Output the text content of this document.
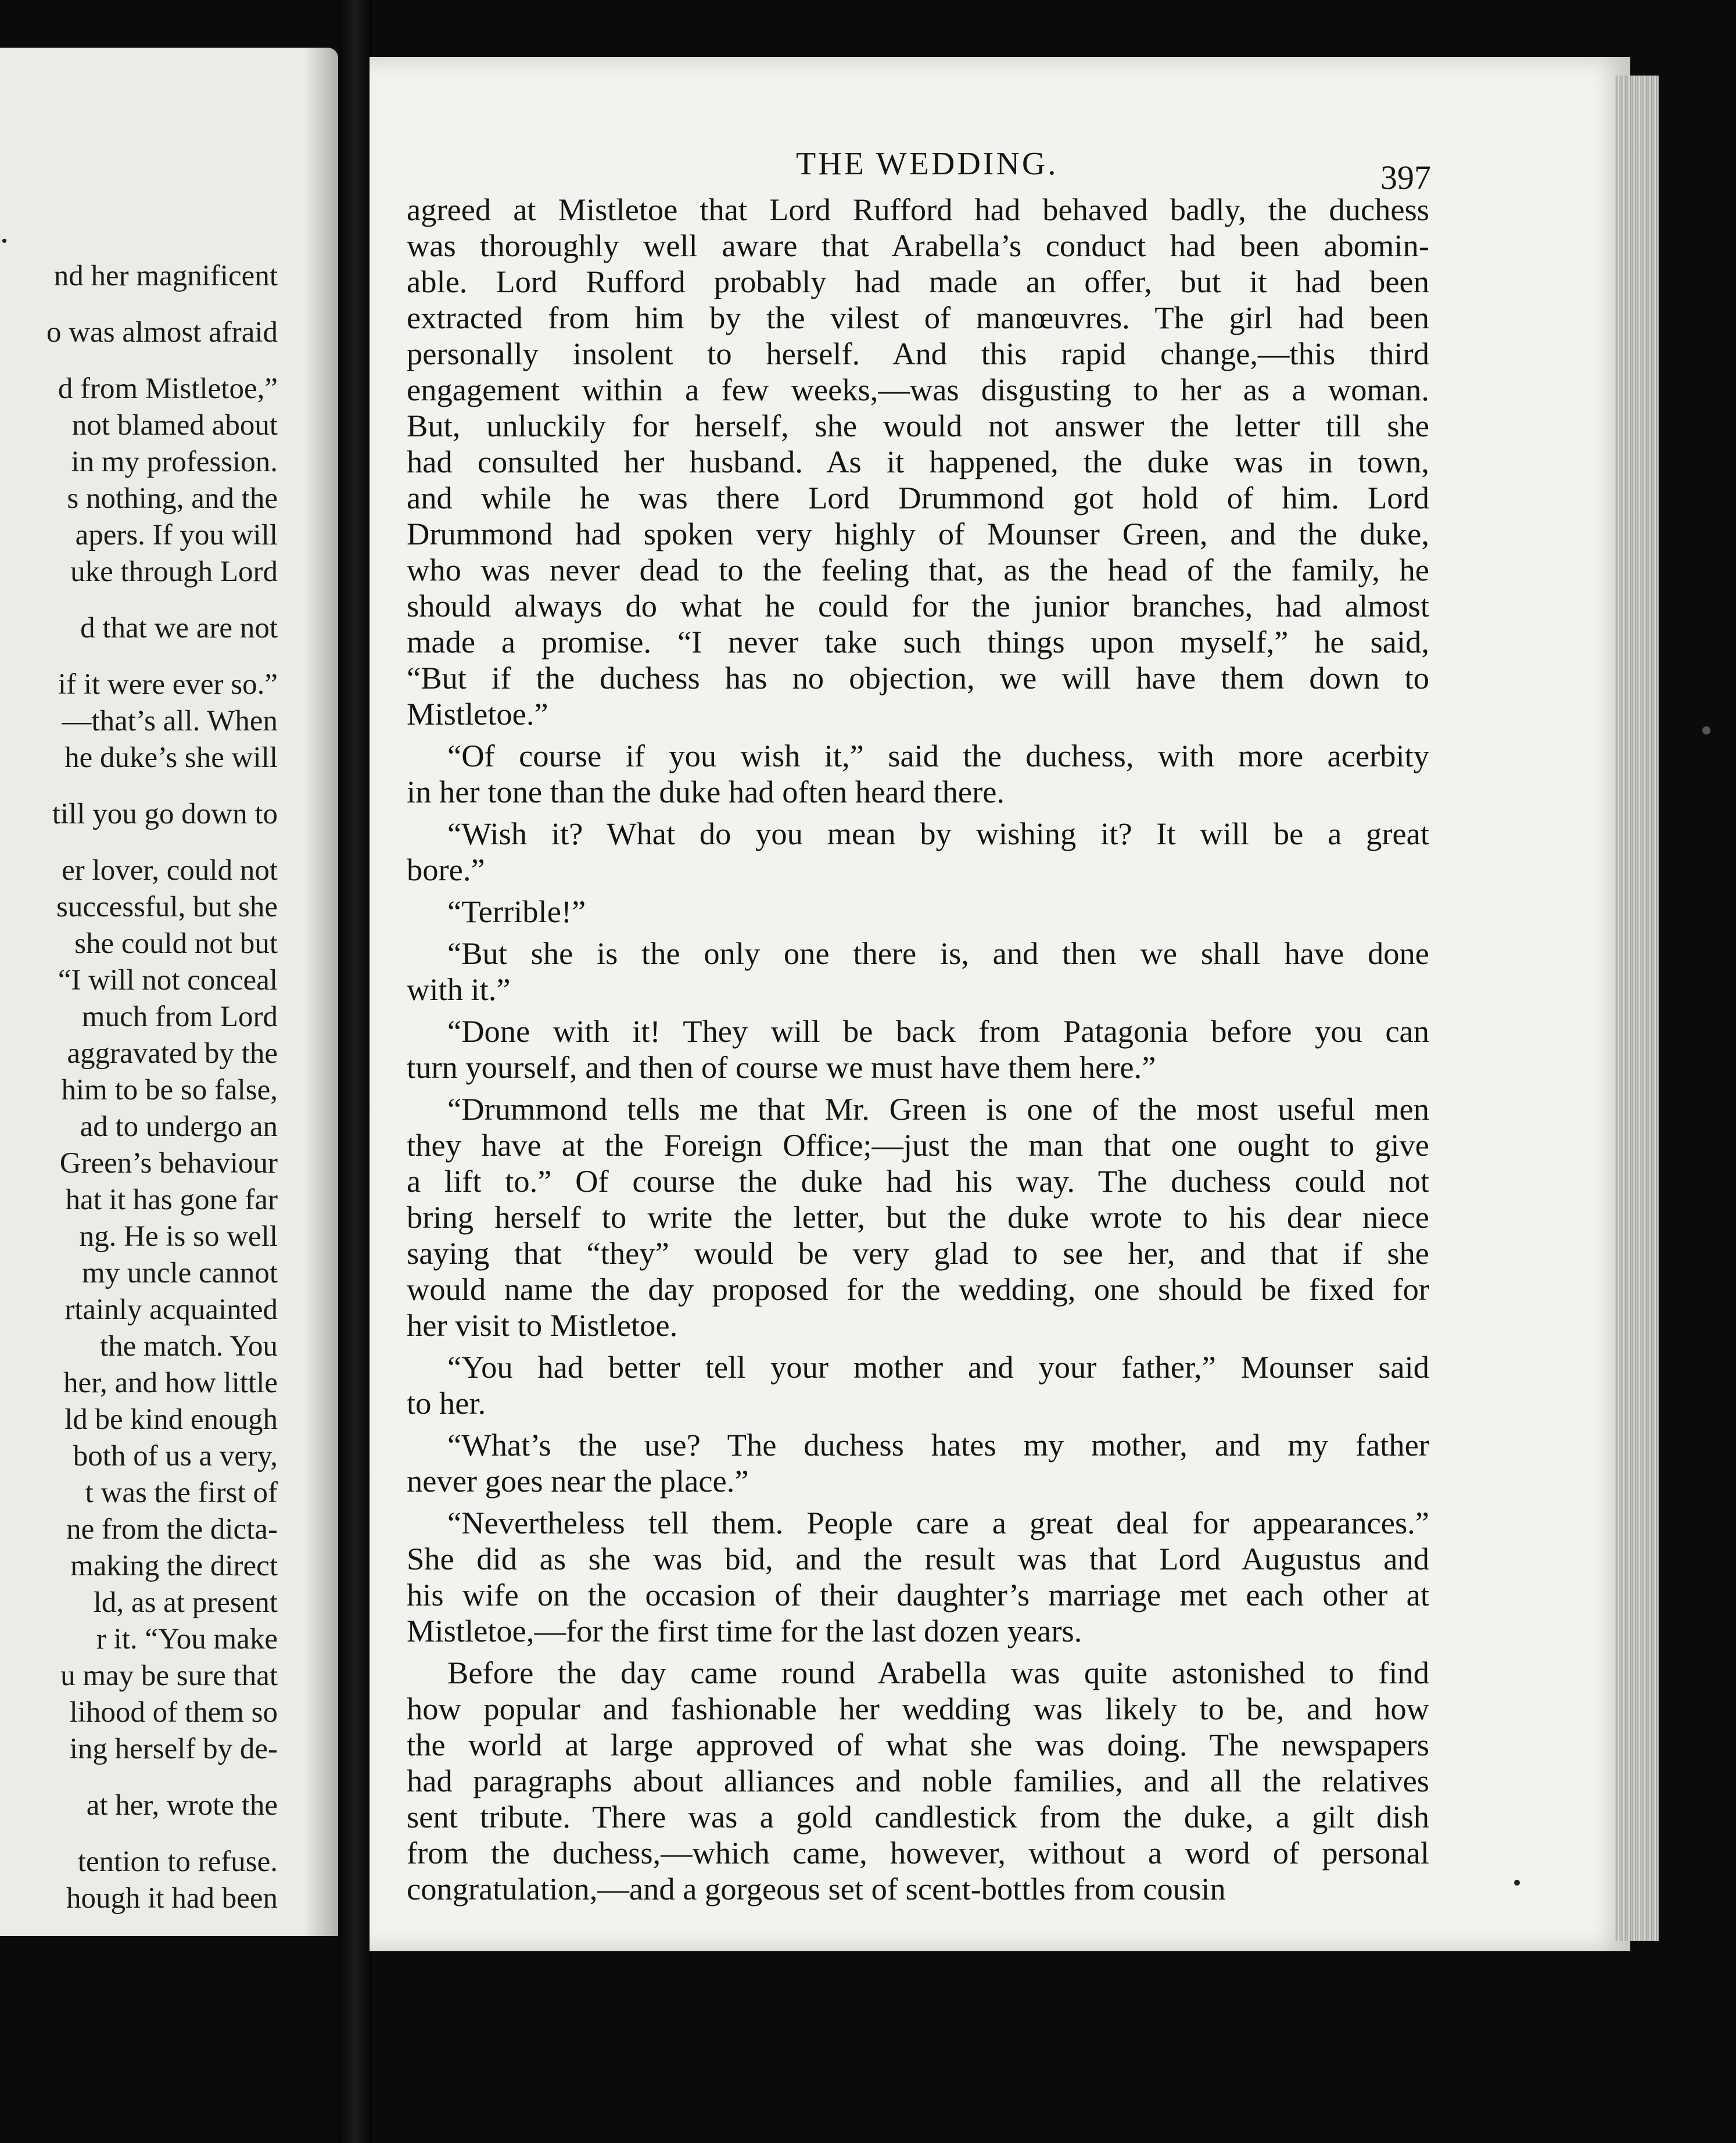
.
nd her magnificent
o was almost afraid
d from Mistletoe,”
not blamed about
in my profession.
s nothing, and the
apers. If you will
uke through Lord
d that we are not
if it were ever so.”
—that’s all. When
he duke’s she will
till you go down to
er lover, could not
successful, but she
she could not but
“I will not conceal
much from Lord
aggravated by the
him to be so false,
ad to undergo an
Green’s behaviour
hat it has gone far
ng. He is so well
my uncle cannot
rtainly acquainted
the match. You
her, and how little
ld be kind enough
both of us a very,
t was the first of
ne from the dicta-
making the direct
ld, as at present
r it. “You make
u may be sure that
lihood of them so
ing herself by de-
at her, wrote the
tention to refuse.
hough it had been
THE WEDDING.	397
agreed at Mistletoe that Lord Rufford had behaved badly, the duchess
was thoroughly well aware that Arabella’s conduct had been abomin-
able. Lord Rufford probably had made an offer, but it had been
extracted from him by the vilest of manœuvres. The girl had been
personally insolent to herself. And this rapid change,—this third
engagement within a few weeks,—was disgusting to her as a woman.
But, unluckily for herself, she would not answer the letter till she
had consulted her husband. As it happened, the duke was in town,
and while he was there Lord Drummond got hold of him. Lord
Drummond had spoken very highly of Mounser Green, and the duke,
who was never dead to the feeling that, as the head of the family, he
should always do what he could for the junior branches, had almost
made a promise. “I never take such things upon myself,” he said,
“But if the duchess has no objection, we will have them down to
Mistletoe.”
“Of course if you wish it,” said the duchess, with more acerbity
in her tone than the duke had often heard there.
“Wish it? What do you mean by wishing it? It will be a great
bore.”
“Terrible!”
“But she is the only one there is, and then we shall have done
with it.”
“Done with it! They will be back from Patagonia before you can
turn yourself, and then of course we must have them here.”
“Drummond tells me that Mr. Green is one of the most useful men
they have at the Foreign Office;—just the man that one ought to give
a lift to.” Of course the duke had his way. The duchess could not
bring herself to write the letter, but the duke wrote to his dear niece
saying that “they” would be very glad to see her, and that if she
would name the day proposed for the wedding, one should be fixed for
her visit to Mistletoe.
“You had better tell your mother and your father,” Mounser said
to her.
“What’s the use? The duchess hates my mother, and my father
never goes near the place.”
“Nevertheless tell them. People care a great deal for appearances.”
She did as she was bid, and the result was that Lord Augustus and
his wife on the occasion of their daughter’s marriage met each other at
Mistletoe,—for the first time for the last dozen years.
Before the day came round Arabella was quite astonished to find
how popular and fashionable her wedding was likely to be, and how
the world at large approved of what she was doing. The newspapers
had paragraphs about alliances and noble families, and all the relatives
sent tribute. There was a gold candlestick from the duke, a gilt dish
from the duchess,—which came, however, without a word of personal
congratulation,—and a gorgeous set of scent-bottles from cousin
